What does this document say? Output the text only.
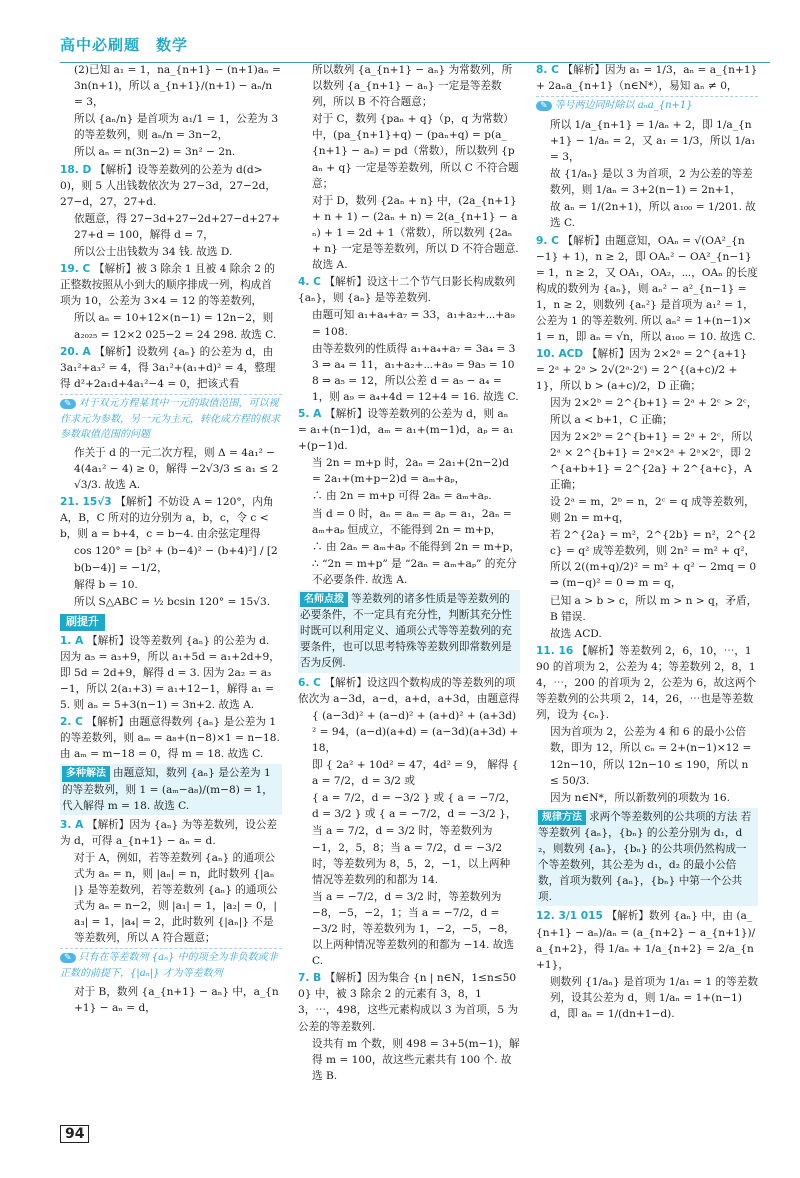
高中必刷题　数学

(2)已知 a₁ = 1，na_{n+1} − (n+1)aₙ = 3n(n+1)，所以 a_{n+1}/(n+1) − aₙ/n = 3，

所以 {aₙ/n} 是首项为 a₁/1 = 1，公差为 3 的等差数列，则 aₙ/n = 3n−2，

所以 aₙ = n(3n−2) = 3n² − 2n.

18. D 【解析】设等差数列的公差为 d(d>0)，则 5 人出钱数依次为 27−3d，27−2d，27−d，27，27+d.

依题意，得 27−3d+27−2d+27−d+27+27+d = 100，解得 d = 7，

所以公士出钱数为 34 钱. 故选 D.

19. C 【解析】被 3 除余 1 且被 4 除余 2 的正整数按照从小到大的顺序排成一列，构成首项为 10，公差为 3×4 = 12 的等差数列，

所以 aₙ = 10+12×(n−1) = 12n−2，则 a₂₀₂₅ = 12×2 025−2 = 24 298. 故选 C.

20. A 【解析】设数列 {aₙ} 的公差为 d，由 3a₁²+a₃² = 4，得 3a₁²+(a₁+d)² = 4，整理得 d²+2a₁d+4a₁²−4 = 0，把该式看

✎ 对于双元方程某其中一元的取值范围，可以视作求元为参数，另一元为主元，转化成方程的根求参数取值范围的问题

作关于 d 的一元二次方程，则 Δ = 4a₁² − 4(4a₁² − 4) ≥ 0，解得 −2√3/3 ≤ a₁ ≤ 2√3/3. 故选 A.

21. 15√3 【解析】不妨设 A = 120°，内角 A，B，C 所对的边分别为 a，b，c，令 c < b，则 a = b+4，c = b−4. 由余弦定理得

cos 120° = [b² + (b−4)² − (b+4)²] / [2b(b−4)] = −1/2，

解得 b = 10.

所以 S△ABC = ½ bcsin 120° = 15√3.

刷提升

1. A 【解析】设等差数列 {aₙ} 的公差为 d. 因为 a₅ = a₃+9，所以 a₁+5d = a₁+2d+9，即 5d = 2d+9，解得 d = 3. 因为 2a₂ = a₃−1，所以 2(a₁+3) = a₁+12−1，解得 a₁ = 5. 则 aₙ = 5+3(n−1) = 3n+2. 故选 A.

2. C 【解析】由题意得数列 {aₙ} 是公差为 1 的等差数列，则 aₘ = a₈+(n−8)×1 = n−18. 由 aₘ = m−18 = 0，得 m = 18. 故选 C.

多种解法 由题意知，数列 {aₙ} 是公差为 1 的等差数列，则 1 = (aₘ−a₈)/(m−8) = 1，代入解得 m = 18. 故选 C.

3. A 【解析】因为 {aₙ} 为等差数列，设公差为 d，可得 a_{n+1} − aₙ = d.

对于 A，例如，若等差数列 {aₙ} 的通项公式为 aₙ = n，则 |aₙ| = n，此时数列 {|aₙ|} 是等差数列，若等差数列 {aₙ} 的通项公式为 aₙ = n−2，则 |a₁| = 1，|a₂| = 0，|a₃| = 1，|a₄| = 2，此时数列 {|aₙ|} 不是等差数列，所以 A 符合题意；

✎ 只有在等差数列 {aₙ} 中的项全为非负数或非正数的前提下，{|aₙ|} 才为等差数列

对于 B，数列 {a_{n+1} − aₙ} 中，a_{n+1} − aₙ = d，

所以数列 {a_{n+1} − aₙ} 为常数列，所以数列 {a_{n+1} − aₙ} 一定是等差数列，所以 B 不符合题意；

对于 C，数列 {paₙ + q}（p，q 为常数）中，(pa_{n+1}+q) − (paₙ+q) = p(a_{n+1} − aₙ) = pd（常数），所以数列 {paₙ + q} 一定是等差数列，所以 C 不符合题意；

对于 D，数列 {2aₙ + n} 中，(2a_{n+1} + n + 1) − (2aₙ + n) = 2(a_{n+1} − aₙ) + 1 = 2d + 1（常数），所以数列 {2aₙ + n} 一定是等差数列，所以 D 不符合题意. 故选 A.

4. C 【解析】设这十二个节气日影长构成数列 {aₙ}，则 {aₙ} 是等差数列.

由题可知 a₁+a₄+a₇ = 33，a₁+a₂+⋯+a₉ = 108.

由等差数列的性质得 a₁+a₄+a₇ = 3a₄ = 33 ⇒ a₄ = 11，a₁+a₂+⋯+a₉ = 9a₅ = 108 ⇒ a₅ = 12，所以公差 d = a₅ − a₄ = 1，则 a₉ = a₄+4d = 12+4 = 16. 故选 C.

5. A 【解析】设等差数列的公差为 d，则 aₙ = a₁+(n−1)d，aₘ = a₁+(m−1)d，aₚ = a₁+(p−1)d.

当 2n = m+p 时，2aₙ = 2a₁+(2n−2)d = 2a₁+(m+p−2)d = aₘ+aₚ，

∴ 由 2n = m+p 可得 2aₙ = aₘ+aₚ.

当 d = 0 时，aₙ = aₘ = aₚ = a₁，2aₙ = aₘ+aₚ 恒成立，不能得到 2n = m+p，

∴ 由 2aₙ = aₘ+aₚ 不能得到 2n = m+p，

∴ “2n = m+p” 是 “2aₙ = aₘ+aₚ” 的充分不必要条件. 故选 A.

名师点拨 等差数列的诸多性质是等差数列的必要条件，不一定具有充分性，判断其充分性时既可以利用定义、通项公式等等差数列的充要条件，也可以思考特殊等差数列即常数列是否为反例.

6. C 【解析】设这四个数构成的等差数列的项依次为 a−3d，a−d，a+d，a+3d，由题意得

{ (a−3d)² + (a−d)² + (a+d)² + (a+3d)² = 94，(a−d)(a+d) = (a−3d)(a+3d) + 18，

即 { 2a² + 10d² = 47，4d² = 9， 解得 { a = 7/2，d = 3/2 或

{ a = 7/2，d = −3/2 } 或 { a = −7/2，d = 3/2 } 或 { a = −7/2，d = −3/2 }，

当 a = 7/2，d = 3/2 时，等差数列为 −1，2，5，8；当 a = 7/2，d = −3/2 时，等差数列为 8，5，2，−1，以上两种情况等差数列的和都为 14.

当 a = −7/2，d = 3/2 时，等差数列为 −8，−5，−2，1；当 a = −7/2，d = −3/2 时，等差数列为 1，−2，−5，−8，以上两种情况等差数列的和都为 −14. 故选 C.

7. B 【解析】因为集合 {n | n∈N，1≤n≤500} 中，被 3 除余 2 的元素有 3，8，13，⋯，498，这些元素构成以 3 为首项，5 为公差的等差数列.

设共有 m 个数，则 498 = 3+5(m−1)，解得 m = 100，故这些元素共有 100 个. 故选 B.

8. C 【解析】因为 a₁ = 1/3，aₙ = a_{n+1} + 2aₙa_{n+1}（n∈N*），易知 aₙ ≠ 0，

✎ 等号两边同时除以 aₙa_{n+1}

所以 1/a_{n+1} = 1/aₙ + 2，即 1/a_{n+1} − 1/aₙ = 2，又 a₁ = 1/3，所以 1/a₁ = 3，

故 {1/aₙ} 是以 3 为首项，2 为公差的等差数列，则 1/aₙ = 3+2(n−1) = 2n+1，

故 aₙ = 1/(2n+1)，所以 a₁₀₀ = 1/201. 故选 C.

9. C 【解析】由题意知，OAₙ = √(OA²_{n−1} + 1)，n ≥ 2，即 OAₙ² − OA²_{n−1} = 1，n ≥ 2，又 OA₁，OA₂，⋯，OAₙ 的长度构成的数列为 {aₙ}，则 aₙ² − a²_{n−1} = 1，n ≥ 2，则数列 {aₙ²} 是首项为 a₁² = 1，公差为 1 的等差数列. 所以 aₙ² = 1+(n−1)×1 = n，即 aₙ = √n，所以 a₁₀₀ = 10. 故选 C.

10. ACD 【解析】因为 2×2ᵃ = 2^{a+1} = 2ᵃ + 2ᵃ > 2√(2ᵃ·2ᶜ) = 2^{(a+c)/2 + 1}，所以 b > (a+c)/2，D 正确；

因为 2×2ᵇ = 2^{b+1} = 2ᵃ + 2ᶜ > 2ᶜ，所以 a < b+1，C 正确；

因为 2×2ᵇ = 2^{b+1} = 2ᵃ + 2ᶜ，所以 2ᵃ × 2^{b+1} = 2ᵃ×2ᵃ + 2ᵃ×2ᶜ，即 2^{a+b+1} = 2^{2a} + 2^{a+c}，A 正确；

设 2ᵃ = m，2ᵇ = n，2ᶜ = q 成等差数列，则 2n = m+q，

若 2^{2a} = m²，2^{2b} = n²，2^{2c} = q² 成等差数列，则 2n² = m² + q²，所以 2((m+q)/2)² = m² + q² − 2mq = 0 ⇒ (m−q)² = 0 ⇒ m = q，

已知 a > b > c，所以 m > n > q，矛盾，B 错误.

故选 ACD.

11. 16 【解析】等差数列 2，6，10，⋯，190 的首项为 2，公差为 4；等差数列 2，8，14，⋯，200 的首项为 2，公差为 6，故这两个等差数列的公共项 2，14，26，⋯也是等差数列，设为 {cₙ}.

因为首项为 2，公差为 4 和 6 的最小公倍数，即为 12，所以 cₙ = 2+(n−1)×12 = 12n−10，所以 12n−10 ≤ 190，所以 n ≤ 50/3.

因为 n∈N*，所以新数列的项数为 16.

规律方法 求两个等差数列的公共项的方法 若等差数列 {aₙ}，{bₙ} 的公差分别为 d₁，d₂，则数列 {aₙ}，{bₙ} 的公共项仍然构成一个等差数列，其公差为 d₁，d₂ 的最小公倍数，首项为数列 {aₙ}，{bₙ} 中第一个公共项.

12. 3/1 015 【解析】数列 {aₙ} 中，由 (a_{n+1} − aₙ)/aₙ = (a_{n+2} − a_{n+1})/a_{n+2}，得 1/aₙ + 1/a_{n+2} = 2/a_{n+1}，

则数列 {1/aₙ} 是首项为 1/a₁ = 1 的等差数列，设其公差为 d，则 1/aₙ = 1+(n−1)d，即 aₙ = 1/(dn+1−d).

94
